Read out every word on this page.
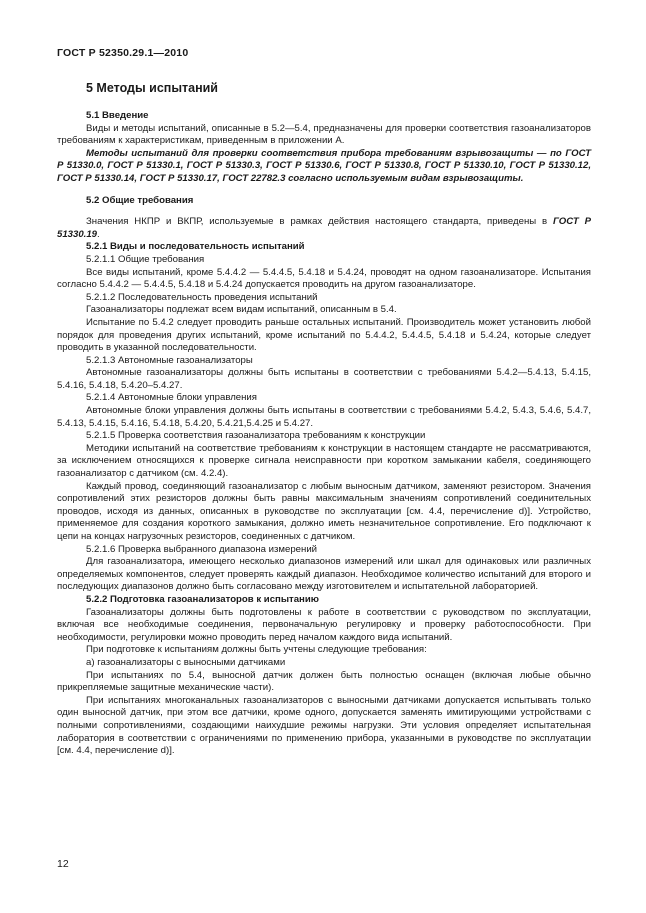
ГОСТ Р 52350.29.1—2010

5 Методы испытаний

5.1 Введение

Виды и методы испытаний, описанные в 5.2—5.4, предназначены для проверки соответствия газоанализаторов требованиям к характеристикам, приведенным в приложении А.

Методы испытаний для проверки соответствия прибора требованиям взрывозащиты — по ГОСТ Р 51330.0, ГОСТ Р 51330.1, ГОСТ Р 51330.3, ГОСТ Р 51330.6, ГОСТ Р 51330.8, ГОСТ Р 51330.10, ГОСТ Р 51330.12, ГОСТ Р 51330.14, ГОСТ Р 51330.17, ГОСТ 22782.3 согласно используемым видам взрывозащиты.

5.2 Общие требования

Значения НКПР и ВКПР, используемые в рамках действия настоящего стандарта, приведены в ГОСТ Р 51330.19.

5.2.1 Виды и последовательность испытаний

5.2.1.1 Общие требования

Все виды испытаний, кроме 5.4.4.2 — 5.4.4.5, 5.4.18 и 5.4.24, проводят на одном газоанализаторе. Испытания согласно 5.4.4.2 — 5.4.4.5, 5.4.18 и 5.4.24 допускается проводить на другом газоанализаторе.

5.2.1.2 Последовательность проведения испытаний

Газоанализаторы подлежат всем видам испытаний, описанным в 5.4.

Испытание по 5.4.2 следует проводить раньше остальных испытаний. Производитель может установить любой порядок для проведения других испытаний, кроме испытаний по 5.4.4.2, 5.4.4.5, 5.4.18 и 5.4.24, которые следует проводить в указанной последовательности.

5.2.1.3 Автономные газоанализаторы

Автономные газоанализаторы должны быть испытаны в соответствии с требованиями 5.4.2—5.4.13, 5.4.15, 5.4.16, 5.4.18, 5.4.20–5.4.27.

5.2.1.4 Автономные блоки управления

Автономные блоки управления должны быть испытаны в соответствии с требованиями 5.4.2, 5.4.3, 5.4.6, 5.4.7, 5.4.13, 5.4.15, 5.4.16, 5.4.18, 5.4.20, 5.4.21,5.4.25 и 5.4.27.

5.2.1.5 Проверка соответствия газоанализатора требованиям к конструкции

Методики испытаний на соответствие требованиям к конструкции в настоящем стандарте не рассматриваются, за исключением относящихся к проверке сигнала неисправности при коротком замыкании кабеля, соединяющего газоанализатор с датчиком (см. 4.2.4).

Каждый провод, соединяющий газоанализатор с любым выносным датчиком, заменяют резистором. Значения сопротивлений этих резисторов должны быть равны максимальным значениям сопротивлений соединительных проводов, исходя из данных, описанных в руководстве по эксплуатации [см. 4.4, перечисление d)]. Устройство, применяемое для создания короткого замыкания, должно иметь незначительное сопротивление. Его подключают к цепи на концах нагрузочных резисторов, соединенных с датчиком.

5.2.1.6 Проверка выбранного диапазона измерений

Для газоанализатора, имеющего несколько диапазонов измерений или шкал для одинаковых или различных определяемых компонентов, следует проверять каждый диапазон. Необходимое количество испытаний для второго и последующих диапазонов должно быть согласовано между изготовителем и испытательной лабораторией.

5.2.2 Подготовка газоанализаторов к испытанию

Газоанализаторы должны быть подготовлены к работе в соответствии с руководством по эксплуатации, включая все необходимые соединения, первоначальную регулировку и проверку работоспособности. При необходимости, регулировки можно проводить перед началом каждого вида испытаний.

При подготовке к испытаниям должны быть учтены следующие требования:

а) газоанализаторы с выносными датчиками

При испытаниях по 5.4, выносной датчик должен быть полностью оснащен (включая любые обычно прикрепляемые защитные механические части).

При испытаниях многоканальных газоанализаторов с выносными датчиками допускается испытывать только один выносной датчик, при этом все датчики, кроме одного, допускается заменять имитирующими устройствами с полными сопротивлениями, создающими наихудшие режимы нагрузки. Эти условия определяет испытательная лаборатория в соответствии с ограничениями по применению прибора, указанными в руководстве по эксплуатации [см. 4.4, перечисление d)].

12
